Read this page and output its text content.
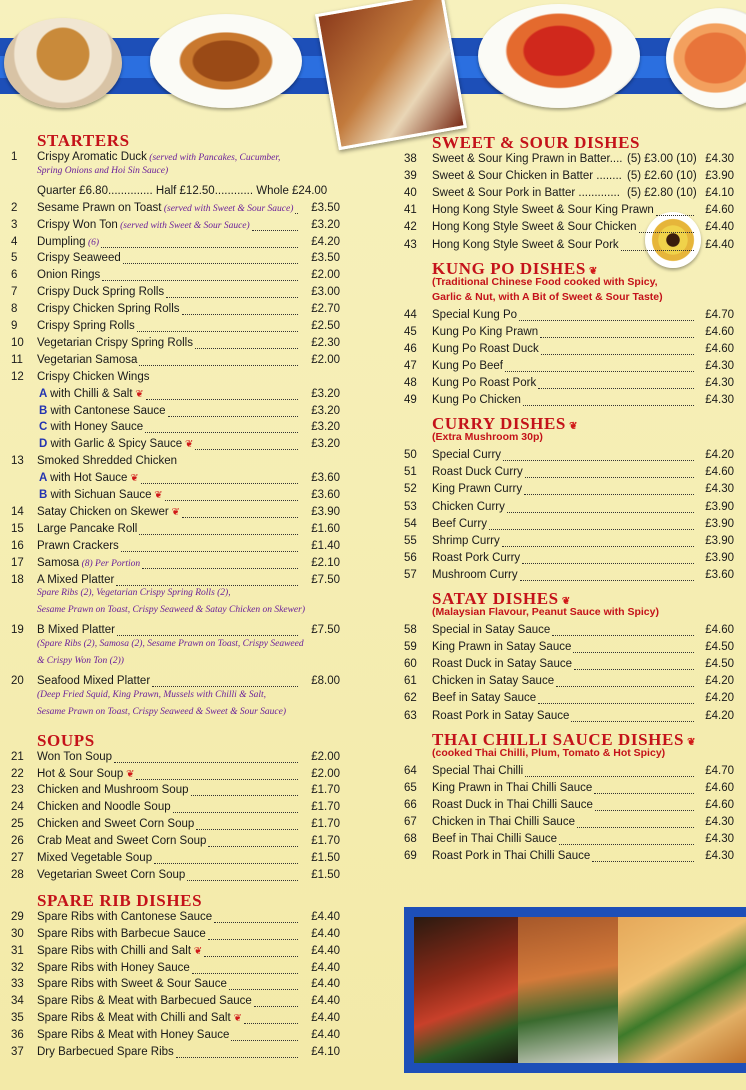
STARTERS
1	Crispy Aromatic Duck (served with Pancakes, Cucumber,
Spring Onions and Hoi Sin Sauce)
Quarter £6.80.............. Half £12.50............ Whole £24.00
2	Sesame Prawn on Toast (served with Sweet & Sour Sauce)	£3.50
3	Crispy Won Ton (served with Sweet & Sour Sauce)	£3.20
4	Dumpling (6)	£4.20
5	Crispy Seaweed	£3.50
6	Onion Rings	£2.00
7	Crispy Duck Spring Rolls	£3.00
8	Crispy Chicken Spring Rolls	£2.70
9	Crispy Spring Rolls	£2.50
10	Vegetarian Crispy Spring Rolls	£2.30
11	Vegetarian Samosa	£2.00
12	Crispy Chicken Wings
A with Chilli & Salt ❦	£3.20
B with Cantonese Sauce	£3.20
C with Honey Sauce	£3.20
D with Garlic & Spicy Sauce ❦	£3.20
13	Smoked Shredded Chicken
A with Hot Sauce ❦	£3.60
B with Sichuan Sauce ❦	£3.60
14	Satay Chicken on Skewer ❦	£3.90
15	Large Pancake Roll	£1.60
16	Prawn Crackers	£1.40
17	Samosa (8) Per Portion	£2.10
18	A Mixed Platter	£7.50
Spare Ribs (2), Vegetarian Crispy Spring Rolls (2),
Sesame Prawn on Toast, Crispy Seaweed & Satay Chicken on Skewer)
19	B Mixed Platter	£7.50
(Spare Ribs (2), Samosa (2), Sesame Prawn on Toast, Crispy Seaweed
& Crispy Won Ton (2))
20	Seafood Mixed Platter	£8.00
(Deep Fried Squid, King Prawn, Mussels with Chilli & Salt,
Sesame Prawn on Toast, Crispy Seaweed & Sweet & Sour Sauce)
SOUPS
21	Won Ton Soup	£2.00
22	Hot & Sour Soup ❦	£2.00
23	Chicken and Mushroom Soup	£1.70
24	Chicken and Noodle Soup	£1.70
25	Chicken and Sweet Corn Soup	£1.70
26	Crab Meat and Sweet Corn Soup	£1.70
27	Mixed Vegetable Soup	£1.50
28	Vegetarian Sweet Corn Soup	£1.50
SPARE RIB DISHES
29	Spare Ribs with Cantonese Sauce	£4.40
30	Spare Ribs with Barbecue Sauce	£4.40
31	Spare Ribs with Chilli and Salt ❦	£4.40
32	Spare Ribs with Honey Sauce	£4.40
33	Spare Ribs with Sweet & Sour Sauce	£4.40
34	Spare Ribs & Meat with Barbecued Sauce	£4.40
35	Spare Ribs & Meat with Chilli and Salt ❦	£4.40
36	Spare Ribs & Meat with Honey Sauce	£4.40
37	Dry Barbecued Spare Ribs	£4.10
SWEET & SOUR DISHES
38	Sweet & Sour King Prawn in Batter.... (5) £3.00 (10) £4.30
39	Sweet & Sour Chicken in Batter ........ (5) £2.60 (10) £3.90
40	Sweet & Sour Pork in Batter ............. (5) £2.80 (10) £4.10
41	Hong Kong Style Sweet & Sour King Prawn	£4.60
42	Hong Kong Style Sweet & Sour Chicken	£4.40
43	Hong Kong Style Sweet & Sour Pork	£4.40
KUNG PO DISHES ❦
(Traditional Chinese Food cooked with Spicy,
Garlic & Nut, with A Bit of Sweet & Sour Taste)
44	Special Kung Po	£4.70
45	Kung Po King Prawn	£4.60
46	Kung Po Roast Duck	£4.60
47	Kung Po Beef	£4.30
48	Kung Po Roast Pork	£4.30
49	Kung Po Chicken	£4.30
CURRY DISHES ❦
(Extra Mushroom 30p)
50	Special Curry	£4.20
51	Roast Duck Curry	£4.60
52	King Prawn Curry	£4.30
53	Chicken Curry	£3.90
54	Beef Curry	£3.90
55	Shrimp Curry	£3.90
56	Roast Pork Curry	£3.90
57	Mushroom Curry	£3.60
SATAY DISHES ❦
(Malaysian Flavour, Peanut Sauce with Spicy)
58	Special in Satay Sauce	£4.60
59	King Prawn in Satay Sauce	£4.50
60	Roast Duck in Satay Sauce	£4.50
61	Chicken in Satay Sauce	£4.20
62	Beef in Satay Sauce	£4.20
63	Roast Pork in Satay Sauce	£4.20
THAI CHILLI SAUCE DISHES ❦
(cooked Thai Chilli, Plum, Tomato & Hot Spicy)
64	Special Thai Chilli	£4.70
65	King Prawn in Thai Chilli Sauce	£4.60
66	Roast Duck in Thai Chilli Sauce	£4.60
67	Chicken in Thai Chilli Sauce	£4.30
68	Beef in Thai Chilli Sauce	£4.30
69	Roast Pork in Thai Chilli Sauce	£4.30
